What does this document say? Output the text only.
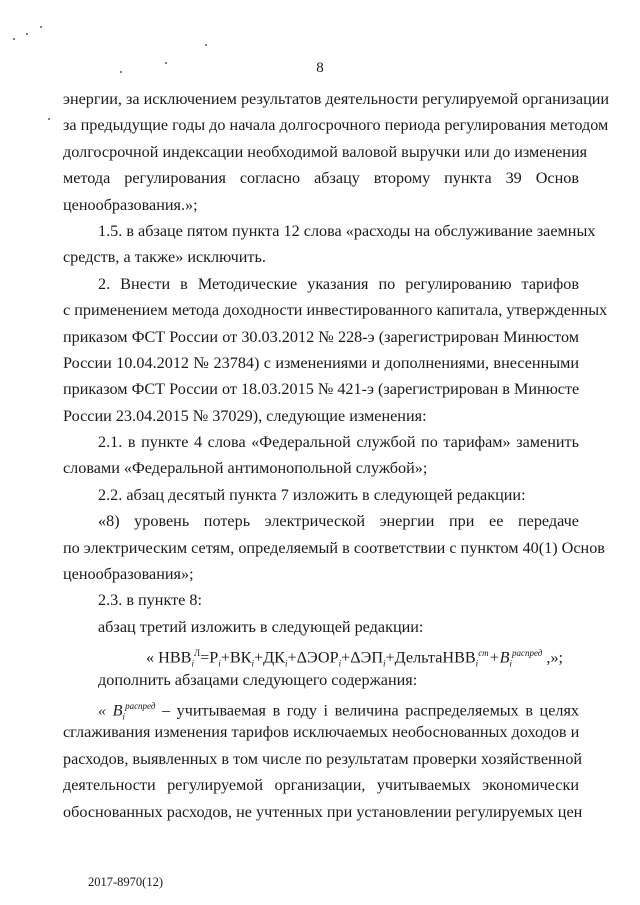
8
энергии, за исключением результатов деятельности регулируемой организации
за предыдущие годы до начала долгосрочного периода регулирования методом
долгосрочной индексации необходимой валовой выручки или до изменения
метода регулирования согласно абзацу второму пункта 39 Основ
ценообразования.»;
1.5. в абзаце пятом пункта 12 слова «расходы на обслуживание заемных
средств, а также» исключить.
2. Внести в Методические указания по регулированию тарифов
с применением метода доходности инвестированного капитала, утвержденных
приказом ФСТ России от 30.03.2012 № 228-э (зарегистрирован Минюстом
России 10.04.2012 № 23784) с изменениями и дополнениями, внесенными
приказом ФСТ России от 18.03.2015 № 421-э (зарегистрирован в Минюсте
России 23.04.2015 № 37029), следующие изменения:
2.1. в пункте 4 слова «Федеральной службой по тарифам» заменить
словами «Федеральной антимонопольной службой»;
2.2. абзац десятый пункта 7 изложить в следующей редакции:
«8) уровень потерь электрической энергии при ее передаче
по электрическим сетям, определяемый в соответствии с пунктом 40(1) Основ
ценообразования»;
2.3. в пункте 8:
абзац третий изложить в следующей редакции:
« $НВВ_i^Л=P_i+ВК_i+ДК_i+\Delta ЭОР_i+\Delta ЭП_i+ДельтаНВВ_i^{ст}+B_i^{распред}$ ,»;
дополнить абзацами следующего содержания:
« $B_i^{распред}$ – учитываемая в году i величина распределяемых в целях
сглаживания изменения тарифов исключаемых необоснованных доходов и
расходов, выявленных в том числе по результатам проверки хозяйственной
деятельности регулируемой организации, учитываемых экономически
обоснованных расходов, не учтенных при установлении регулируемых цен
2017-8970(12)
